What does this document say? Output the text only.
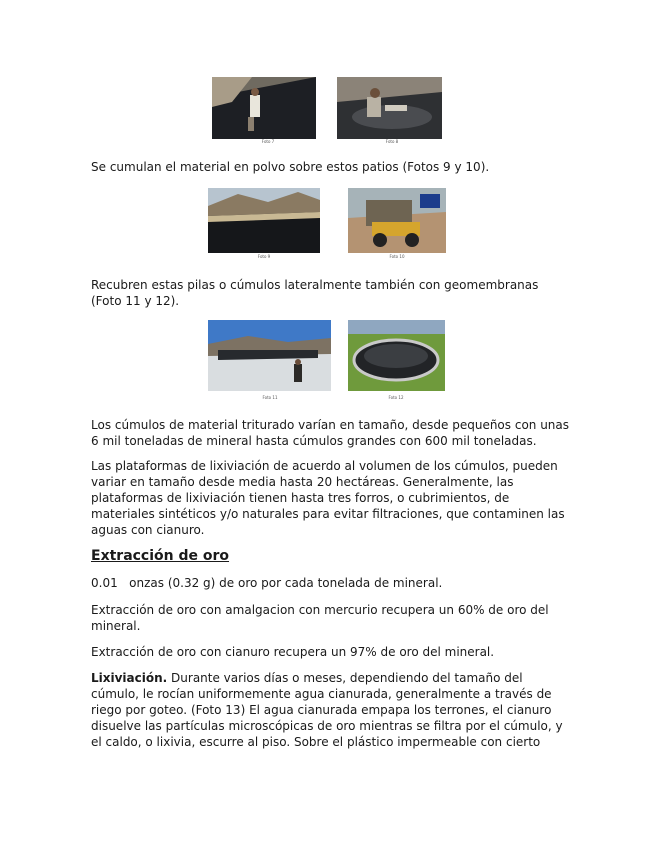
Foto 7	Foto 8

Se cumulan el material en polvo sobre estos patios (Fotos 9 y 10).

Foto 9	Foto 10

Recubren estas pilas o cúmulos lateralmente también con geomembranas (Foto 11 y 12).

Foto 11	Foto 12

Los cúmulos de material triturado varían en tamaño, desde pequeños con unas 6 mil toneladas de mineral hasta cúmulos grandes con 600 mil toneladas.

Las plataformas de lixiviación de acuerdo al volumen de los cúmulos, pueden variar en tamaño desde media hasta 20 hectáreas. Generalmente, las plataformas de lixiviación tienen hasta tres forros, o cubrimientos, de materiales sintéticos y/o naturales para evitar filtraciones, que contaminen las aguas con cianuro.

Extracción de oro

0.01   onzas (0.32 g) de oro por cada tonelada de mineral.

Extracción de oro con amalgacion con mercurio recupera un 60% de oro del mineral.

Extracción de oro con cianuro recupera un 97% de oro del mineral.

Lixiviación. Durante varios días o meses, dependiendo del tamaño del cúmulo, le rocían uniformemente agua cianurada, generalmente a través de riego por goteo. (Foto 13) El agua cianurada empapa los terrones, el cianuro disuelve las partículas microscópicas de oro mientras se filtra por el cúmulo, y el caldo, o lixivia, escurre al piso. Sobre el plástico impermeable con cierto
